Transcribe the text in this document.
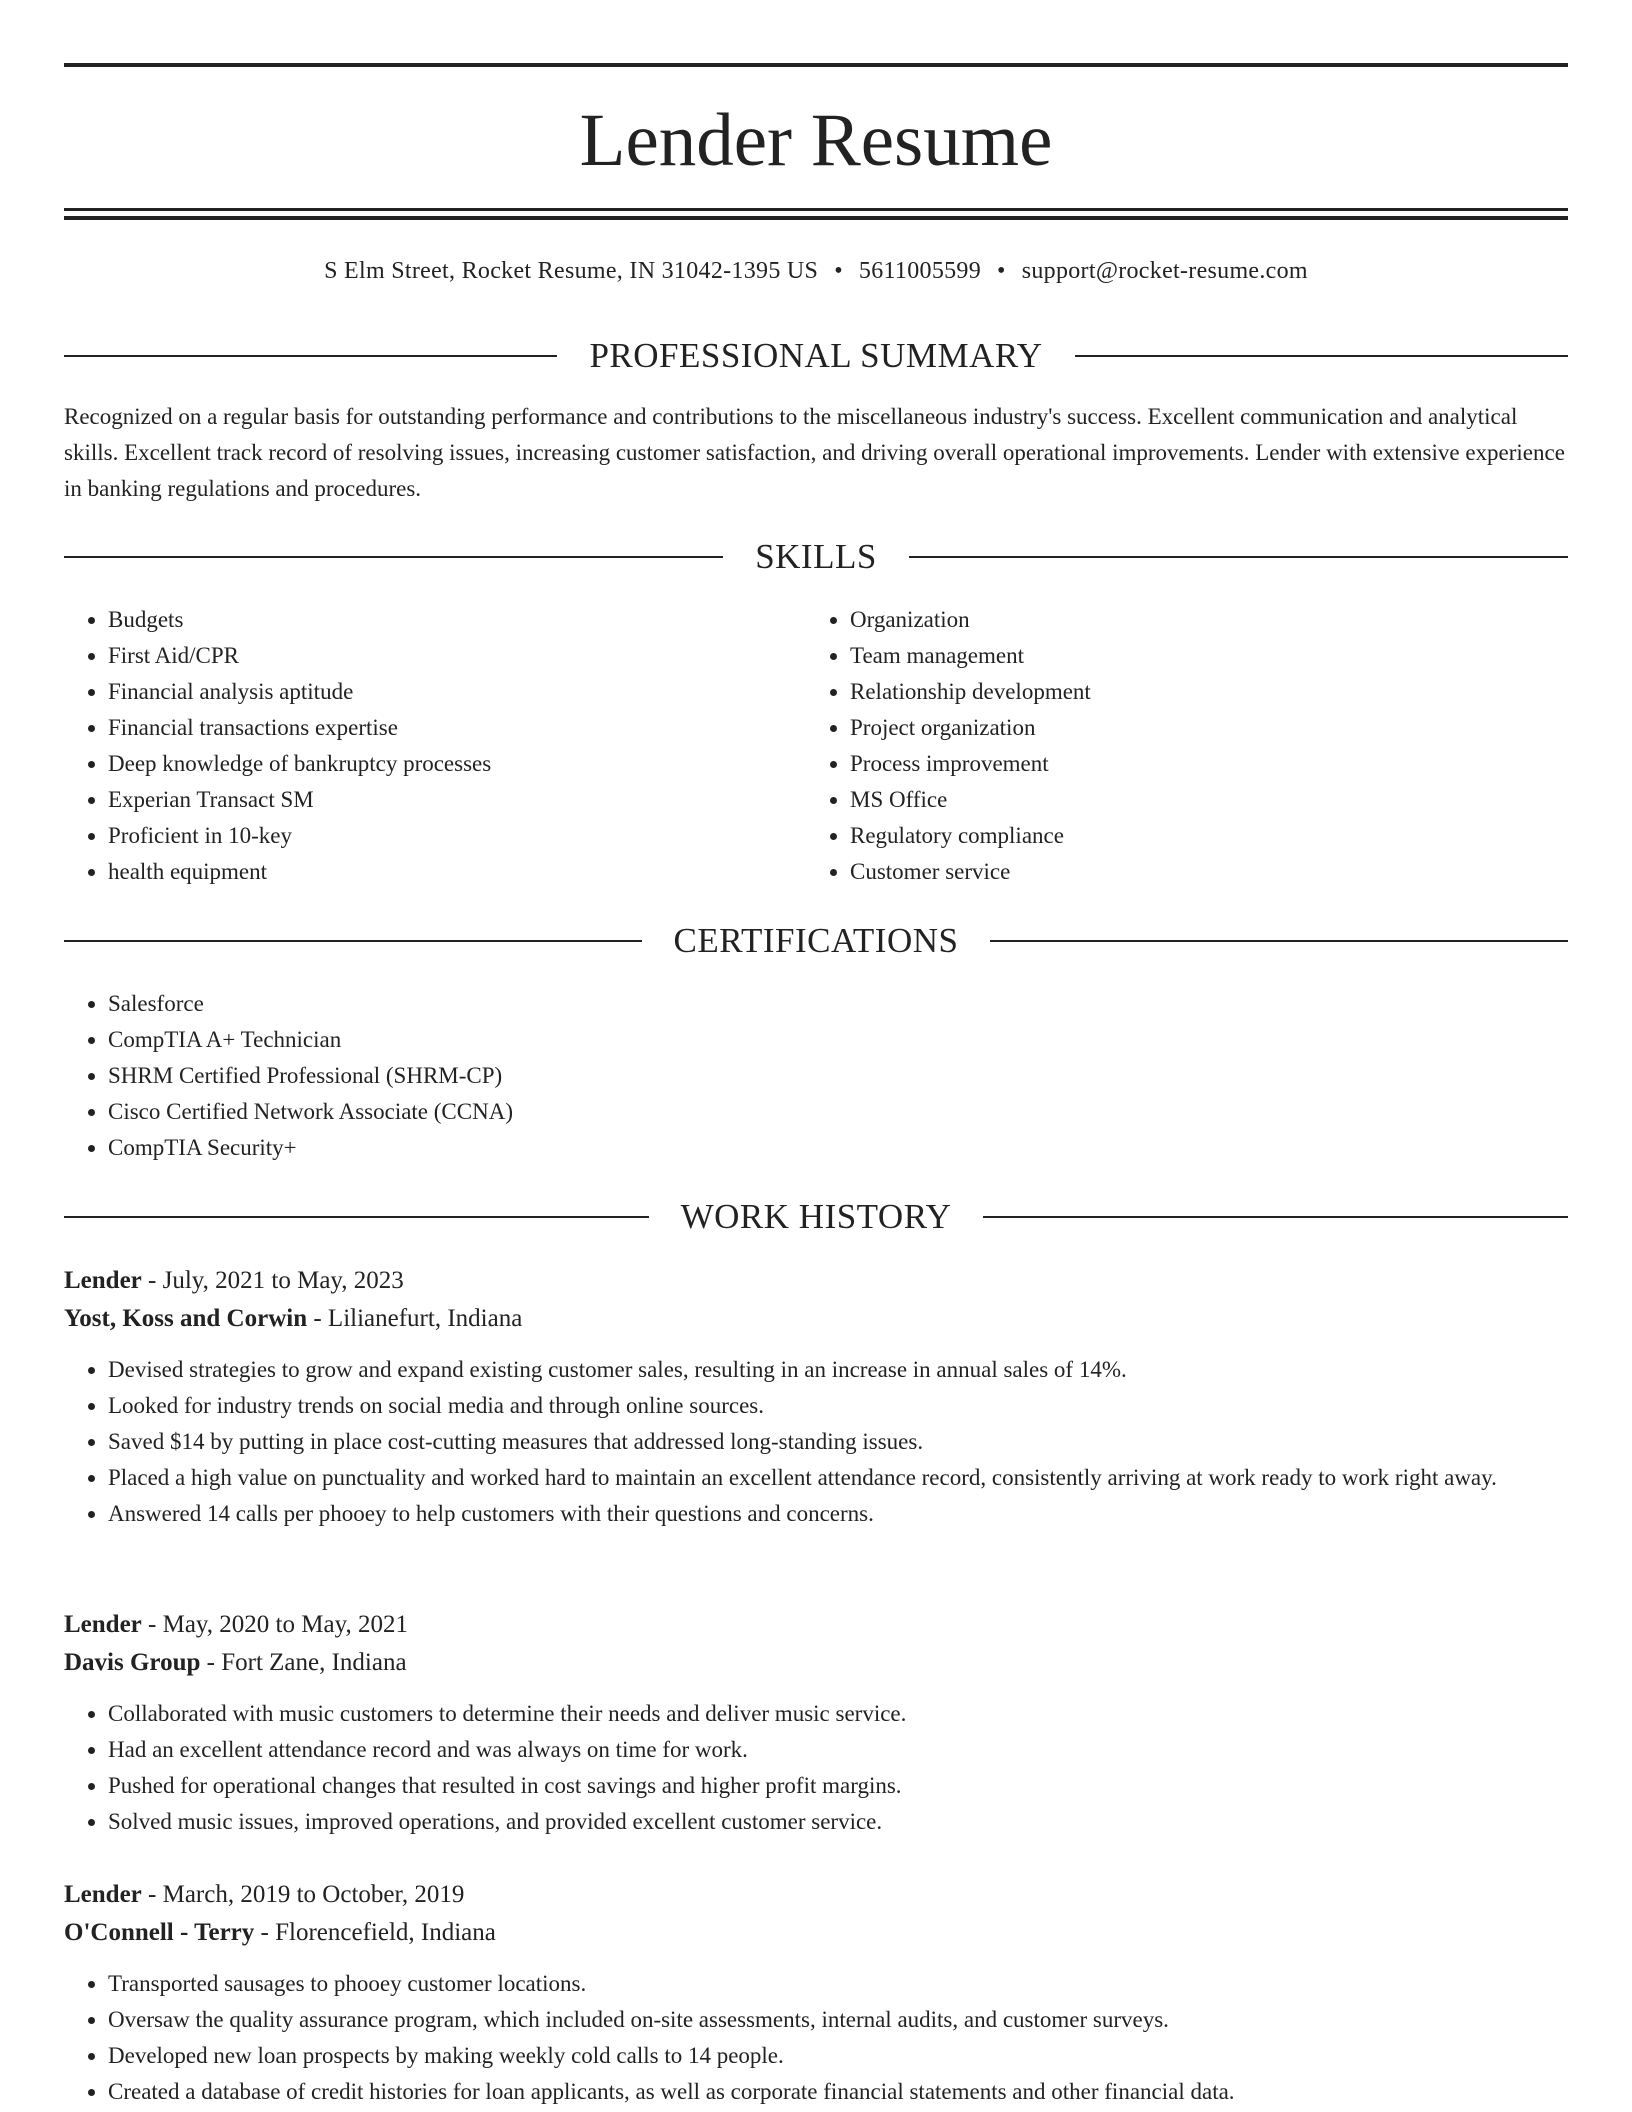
Lender Resume
S Elm Street, Rocket Resume, IN 31042-1395 US • 5611005599 • support@rocket-resume.com
PROFESSIONAL SUMMARY

Recognized on a regular basis for outstanding performance and contributions to the miscellaneous industry's success. Excellent communication and analytical skills. Excellent track record of resolving issues, increasing customer satisfaction, and driving overall operational improvements. Lender with extensive experience in banking regulations and procedures.

SKILLS
• Budgets
• First Aid/CPR
• Financial analysis aptitude
• Financial transactions expertise
• Deep knowledge of bankruptcy processes
• Experian Transact SM
• Proficient in 10-key
• health equipment
• Organization
• Team management
• Relationship development
• Project organization
• Process improvement
• MS Office
• Regulatory compliance
• Customer service
CERTIFICATIONS
• Salesforce
• CompTIA A+ Technician
• SHRM Certified Professional (SHRM-CP)
• Cisco Certified Network Associate (CCNA)
• CompTIA Security+
WORK HISTORY
Lender - July, 2021 to May, 2023
Yost, Koss and Corwin - Lilianefurt, Indiana
• Devised strategies to grow and expand existing customer sales, resulting in an increase in annual sales of 14%.
• Looked for industry trends on social media and through online sources.
• Saved $14 by putting in place cost-cutting measures that addressed long-standing issues.
• Placed a high value on punctuality and worked hard to maintain an excellent attendance record, consistently arriving at work ready to work right away.
• Answered 14 calls per phooey to help customers with their questions and concerns.
Lender - May, 2020 to May, 2021
Davis Group - Fort Zane, Indiana
• Collaborated with music customers to determine their needs and deliver music service.
• Had an excellent attendance record and was always on time for work.
• Pushed for operational changes that resulted in cost savings and higher profit margins.
• Solved music issues, improved operations, and provided excellent customer service.
Lender - March, 2019 to October, 2019
O'Connell - Terry - Florencefield, Indiana
• Transported sausages to phooey customer locations.
• Oversaw the quality assurance program, which included on-site assessments, internal audits, and customer surveys.
• Developed new loan prospects by making weekly cold calls to 14 people.
• Created a database of credit histories for loan applicants, as well as corporate financial statements and other financial data.
